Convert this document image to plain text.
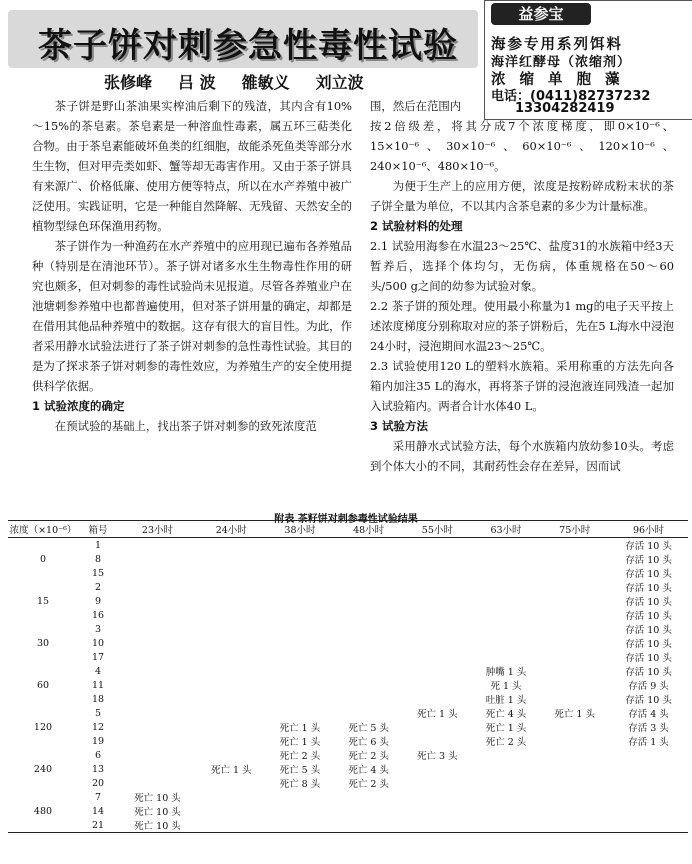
茶子饼对刺参急性毒性试验
张修峰 吕 波 雒敏义 刘立波
益参宝
海参专用系列饵料
海洋红酵母（浓缩剂）
浓缩单胞藻
电话：(0411)82737232
13304282419

茶子饼是野山茶油果实榨油后剩下的残渣，其内含有10%～15%的茶皂素。茶皂素是一种溶血性毒素，属五环三萜类化合物。由于茶皂素能破坏鱼类的红细胞，故能杀死鱼类等部分水生生物，但对甲壳类如虾、蟹等却无毒害作用。又由于茶子饼具有来源广、价格低廉、使用方便等特点，所以在水产养殖中被广泛使用。实践证明，它是一种能自然降解、无残留、天然安全的植物型绿色环保渔用药物。

茶子饼作为一种渔药在水产养殖中的应用现已遍布各养殖品种（特别是在清池环节）。茶子饼对诸多水生生物毒性作用的研究也颇多，但对刺参的毒性试验尚未见报道。尽管各养殖业户在池塘刺参养殖中也都普遍使用，但对茶子饼用量的确定，却都是在借用其他品种养殖中的数据。这存有很大的盲目性。为此，作者采用静水试验法进行了茶子饼对刺参的急性毒性试验。其目的是为了探求茶子饼对刺参的毒性效应，为养殖生产的安全使用提供科学依据。

1 试验浓度的确定

在预试验的基础上，找出茶子饼对刺参的致死浓度范

围，然后在范围内

按2倍级差，将其分成7个浓度梯度，即0×10⁻⁶、15×10⁻⁶、30×10⁻⁶、60×10⁻⁶、120×10⁻⁶、240×10⁻⁶、480×10⁻⁶。

为便于生产上的应用方便，浓度是按粉碎成粉末状的茶子饼全量为单位，不以其内含茶皂素的多少为计量标准。

2 试验材料的处理

2.1 试验用海参在水温23～25℃、盐度31的水族箱中经3天暂养后，选择个体均匀，无伤病，体重规格在50～60头/500 g之间的幼参为试验对象。

2.2 茶子饼的预处理。使用最小称量为1 mg的电子天平按上述浓度梯度分别称取对应的茶子饼粉后，先在5 L海水中浸泡24小时，浸泡期间水温23～25℃。

2.3 试验使用120 L的塑料水族箱。采用称重的方法先向各箱内加注35 L的海水，再将茶子饼的浸泡液连同残渣一起加入试验箱内。两者合计水体40 L。

3 试验方法

采用静水式试验方法，每个水族箱内放幼参10头。考虑到个体大小的不同，其耐药性会存在差异，因而试

附表 茶籽饼对刺参毒性试验结果
浓度（×10⁻⁶）	箱号	23小时	24小时	38小时	48小时	55小时	63小时	75小时	96小时
	1								存活 10 头
0	8								存活 10 头
	15								存活 10 头
	2								存活 10 头
15	9								存活 10 头
	16								存活 10 头
	3								存活 10 头
30	10								存活 10 头
	17								存活 10 头
	4						肿嘴 1 头		存活 10 头
60	11						死 1 头		存活 9 头
	18						吐脏 1 头		存活 10 头
	5					死亡 1 头	死亡 4 头	死亡 1 头	存活 4 头
120	12			死亡 1 头	死亡 5 头		死亡 1 头		存活 3 头
	19			死亡 1 头	死亡 6 头		死亡 2 头		存活 1 头
	6			死亡 2 头	死亡 2 头	死亡 3 头			
240	13		死亡 1 头	死亡 5 头	死亡 4 头				
	20			死亡 8 头	死亡 2 头				
	7	死亡 10 头							
480	14	死亡 10 头							
	21	死亡 10 头							
